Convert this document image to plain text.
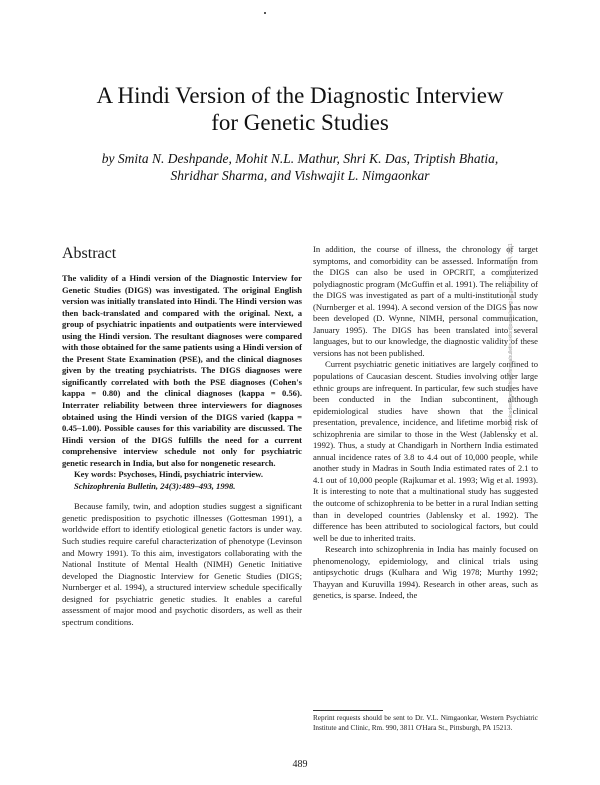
A Hindi Version of the Diagnostic Interview
for Genetic Studies
by Smita N. Deshpande, Mohit N.L. Mathur, Shri K. Das, Triptish Bhatia,
Shridhar Sharma, and Vishwajit L. Nimgaonkar
Abstract

The validity of a Hindi version of the Diagnostic Interview for Genetic Studies (DIGS) was investigated. The original English version was initially translated into Hindi. The Hindi version was then back-translated and compared with the original. Next, a group of psychiatric inpatients and outpatients were interviewed using the Hindi version. The resultant diagnoses were compared with those obtained for the same patients using a Hindi version of the Present State Examination (PSE), and the clinical diagnoses given by the treating psychiatrists. The DIGS diagnoses were significantly correlated with both the PSE diagnoses (Cohen's kappa = 0.80) and the clinical diagnoses (kappa = 0.56). Interrater reliability between three interviewers for diagnoses obtained using the Hindi version of the DIGS varied (kappa = 0.45–1.00). Possible causes for this variability are discussed. The Hindi version of the DIGS fulfills the need for a current comprehensive interview schedule not only for psychiatric genetic research in India, but also for nongenetic research.

Key words: Psychoses, Hindi, psychiatric interview.

Schizophrenia Bulletin, 24(3):489–493, 1998.

Because family, twin, and adoption studies suggest a significant genetic predisposition to psychotic illnesses (Gottesman 1991), a worldwide effort to identify etiological genetic factors is under way. Such studies require careful characterization of phenotype (Levinson and Mowry 1991). To this aim, investigators collaborating with the National Institute of Mental Health (NIMH) Genetic Initiative developed the Diagnostic Interview for Genetic Studies (DIGS; Nurnberger et al. 1994), a structured interview schedule specifically designed for psychiatric genetic studies. It enables a careful assessment of major mood and psychotic disorders, as well as their spectrum conditions.

In addition, the course of illness, the chronology of target symptoms, and comorbidity can be assessed. Information from the DIGS can also be used in OPCRIT, a computerized polydiagnostic program (McGuffin et al. 1991). The reliability of the DIGS was investigated as part of a multi-institutional study (Nurnberger et al. 1994). A second version of the DIGS has now been developed (D. Wynne, NIMH, personal communication, January 1995). The DIGS has been translated into several languages, but to our knowledge, the diagnostic validity of these versions has not been published.

Current psychiatric genetic initiatives are largely confined to populations of Caucasian descent. Studies involving other large ethnic groups are infrequent. In particular, few such studies have been conducted in the Indian subcontinent, although epidemiological studies have shown that the clinical presentation, prevalence, incidence, and lifetime morbid risk of schizophrenia are similar to those in the West (Jablensky et al. 1992). Thus, a study at Chandigarh in Northern India estimated annual incidence rates of 3.8 to 4.4 out of 10,000 people, while another study in Madras in South India estimated rates of 2.1 to 4.1 out of 10,000 people (Rajkumar et al. 1993; Wig et al. 1993). It is interesting to note that a multinational study has suggested the outcome of schizophrenia to be better in a rural Indian setting than in developed countries (Jablensky et al. 1992). The difference has been attributed to sociological factors, but could well be due to inherited traits.

Research into schizophrenia in India has mainly focused on phenomenology, epidemiology, and clinical trials using antipsychotic drugs (Kulhara and Wig 1978; Murthy 1992; Thayyan and Kuruvilla 1994). Research in other areas, such as genetics, is sparse. Indeed, the

Reprint requests should be sent to Dr. V.L. Nimgaonkar, Western Psychiatric Institute and Clinic, Rm. 990, 3811 O'Hara St., Pittsburgh, PA 15213.
489
Downloaded from schizophreniabulletin.oxfordjournals.org by guest on July 14, 2011
